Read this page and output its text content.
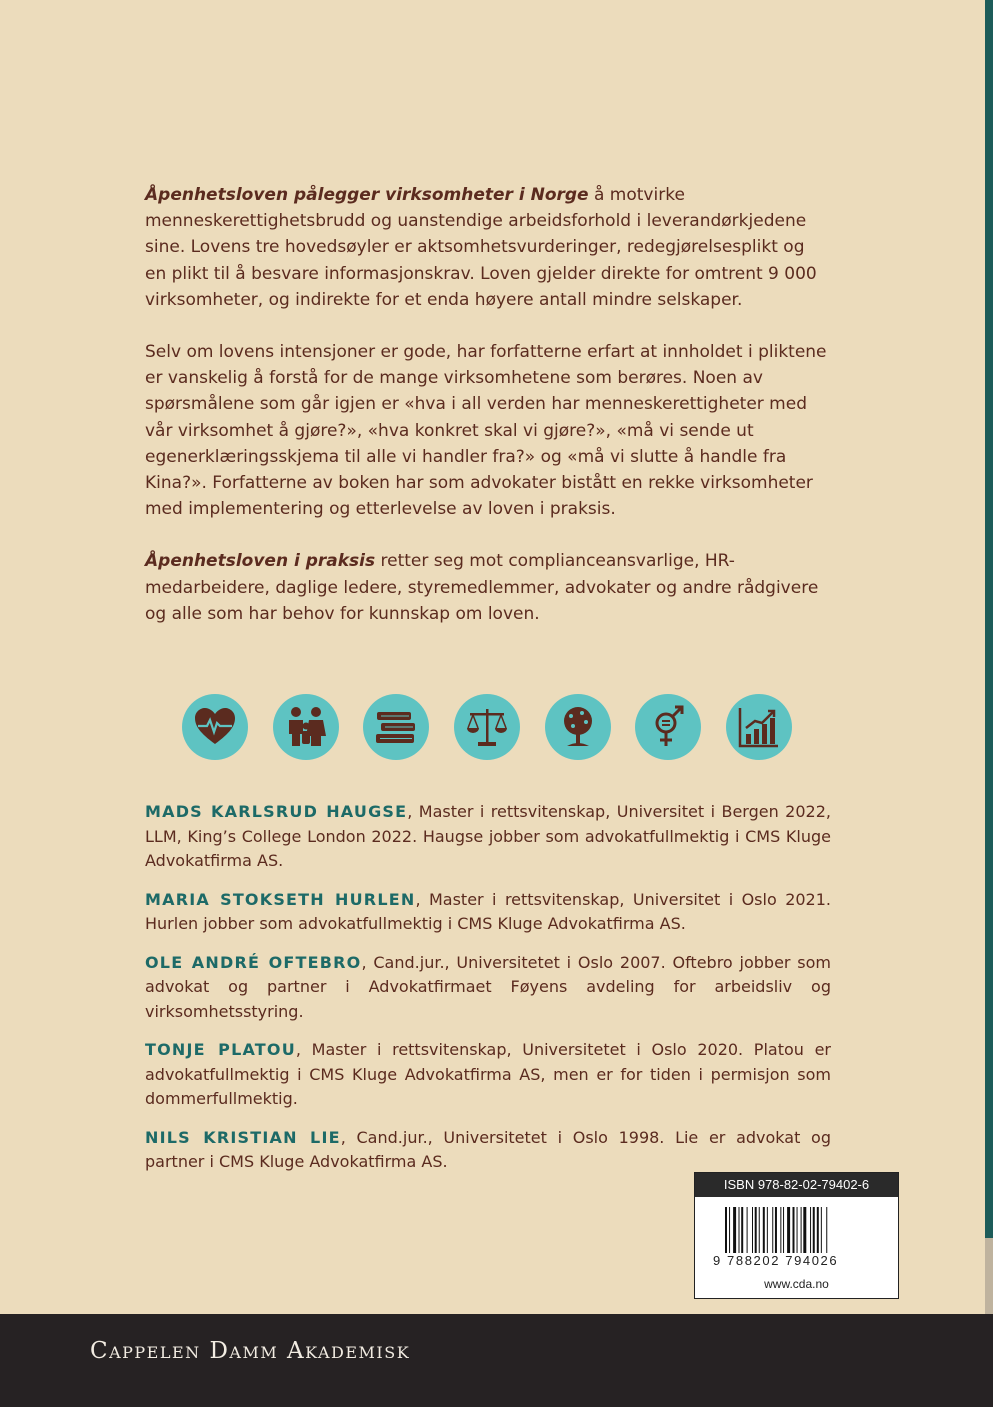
Åpenhetsloven pålegger virksomheter i Norge å motvirke menneskerettighetsbrudd og uanstendige arbeidsforhold i leverandørkjedene sine. Lovens tre hovedsøyler er aktsomhetsvurderinger, redegjørelsesplikt og en plikt til å besvare informasjonskrav. Loven gjelder direkte for omtrent 9 000 virksomheter, og indirekte for et enda høyere antall mindre selskaper.

Selv om lovens intensjoner er gode, har forfatterne erfart at innholdet i pliktene er vanskelig å forstå for de mange virksomhetene som berøres. Noen av spørsmålene som går igjen er «hva i all verden har menneskerettigheter med vår virksomhet å gjøre?», «hva konkret skal vi gjøre?», «må vi sende ut egenerklæringsskjema til alle vi handler fra?» og «må vi slutte å handle fra Kina?». Forfatterne av boken har som advokater bistått en rekke virksomheter med implementering og etterlevelse av loven i praksis.

Åpenhetsloven i praksis retter seg mot complianceansvarlige, HR-medarbeidere, daglige ledere, styremedlemmer, advokater og andre rådgivere og alle som har behov for kunnskap om loven.

MADS KARLSRUD HAUGSE, Master i rettsvitenskap, Universitet i Bergen 2022, LLM, King’s College London 2022. Haugse jobber som advokatfullmektig i CMS Kluge Advokatfirma AS.

MARIA STOKSETH HURLEN, Master i rettsvitenskap, Universitet i Oslo 2021. Hurlen jobber som advokatfullmektig i CMS Kluge Advokatfirma AS.

OLE ANDRÉ OFTEBRO, Cand.jur., Universitetet i Oslo 2007. Oftebro jobber som advokat og partner i Advokatfirmaet Føyens avdeling for arbeidsliv og virksomhetsstyring.

TONJE PLATOU, Master i rettsvitenskap, Universitetet i Oslo 2020. Platou er advokatfullmektig i CMS Kluge Advokatfirma AS, men er for tiden i permisjon som dommerfullmektig.

NILS KRISTIAN LIE, Cand.jur., Universitetet i Oslo 1998. Lie er advokat og partner i CMS Kluge Advokatfirma AS.

ISBN 978-82-02-79402-6
9 788202 794026
www.cda.no
Cappelen Damm Akademisk
